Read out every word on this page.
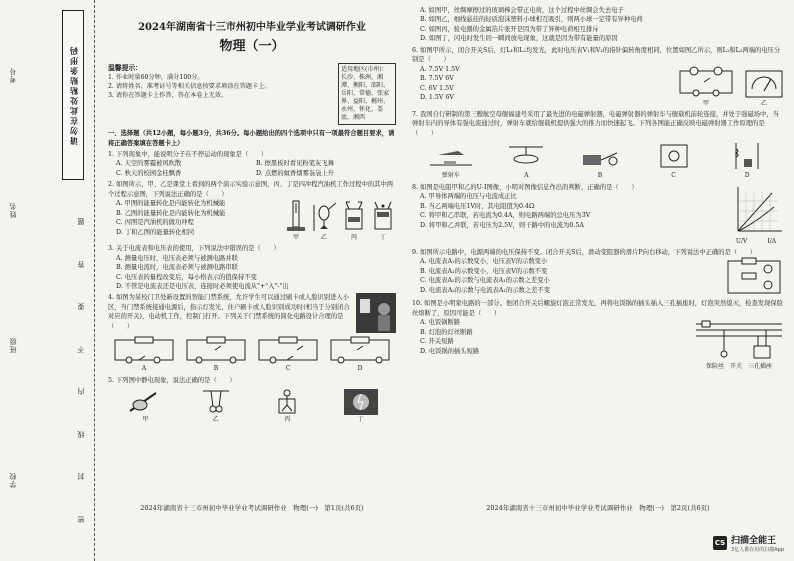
请勿在此处粘贴条形码
学校
班级
姓名
考号
密
封
线
内
不
要
答
题
2024年湖南省十三市州初中毕业学业考试调研作业
物理（一）
温馨提示：
1. 作业时量60分钟，满分100分。
2. 请将姓名、准考证号等相关信息按要求填涂在答题卡上。
3. 请你在答题卡上作答，答在本卷上无效。
适用地区(市州)：长沙、株洲、湘潭、衡阳、邵阳、岳阳、常德、张家界、益阳、郴州、永州、怀化、娄底、湘西
一、选择题（共12小题，每小题3分，共36分。每小题给出的四个选项中只有一项最符合题目要求，请将正确答案填在答题卡上）
1. 下列现象中，能说明分子在不停运动的现象是（　　）
A. 天空的雾霾被风吹散	B. 擦黑板时看见粉笔灰飞舞
C. 秋天的校园金桂飘香	D. 点燃的蚊香烟雾袅袅上升
2. 如图所示，甲、乙是课堂上看到的两个演示实验示意图，丙、丁是四冲程汽油机工作过程中的其中两个过程示意图，下列说法正确的是（　　）
A. 甲图的能量转化是内能转化为机械能
B. 乙图的能量转化是内能转化为机械能
C. 丙图是汽油机的做功冲程
D. 丁和乙图的能量转化相同
甲	乙	丙	丁
3. 关于电流表和电压表的使用，下列说法中错误的是（　　）
A. 测量电压时，电压表必须与被测电路并联
B. 测量电流时，电流表必须与被测电路串联
C. 电压表的量程改变后，每小格表示的值保持不变
D. 不管是电流表还是电压表，连接时必须使电流从"+"入"-"出
4. 如图为某校门卫处新设置的智能门禁系统，允许学生可以通过刷卡或人脸识别进入小区，当门禁系统接通电源后，指示灯发光，住户刷卡或人脸识别成功时(相当于分别闭合对应的开关)，电动机工作，控制门打开。下列关于门禁系统的简化电路设计合理的是（　　）
A	B	C	D
5. 下列图中静电现象，说法正确的是（　　）
甲	乙	丙	丁
A. 如图甲，丝绸摩擦过的玻璃棒会带正电荷，这个过程中丝绸会失去电子
B. 如图乙，细线悬挂的轻质泡沫塑料小球相互吸引，则两小球一定带有异种电荷
C. 如图丙，验电器的金属箔片张开是因为带了异种电荷相互排斥
D. 如图丁，闪电时发生的一瞬间放电现象，这就是因为带有能量的原因
6. 如图甲所示，闭合开关S后，灯L₁和L₂均发光，此时电压表V₁和V₂的指针偏转角度相同，位置如图乙所示，则L₁和L₂两端的电压分别是（　　）
A. 7.5V 1.5V
B. 7.5V 6V
C. 6V 1.5V
D. 1.5V 6V
甲	乙
7. 我国自行研制的第三艘航空母舰福建号采用了最先进的电磁弹射器，电磁弹射器的弹射车与舰载机前轮连接，并处于强磁场中，当弹射车内的导体有强电流通过时，弹射车就给舰载机提供强大的推力而快速起飞。下列各图能正确反映电磁弹射器工作原理的是（　　）
弹射车	A	B	C	D
8. 如图是电阻甲和乙的U-I图像，小明对图像信息作出的判断，正确的是（　　）
A. 甲导体两端的电压与电流成正比
B. 当乙两端电压1V时，其电阻值为0.4Ω
C. 将甲和乙串联，若电流为0.4A，则电路两端的总电压为3V
D. 将甲和乙并联，若电压为2.5V，则干路中的电流为0.5A
U/V	I/A
9. 如图所示电路中，电源两端的电压保持不变。闭合开关S后，滑动变阻器的滑片P向右移动，下列说法中正确的是（　　）
A. 电流表A₁的示数变小，电压表V的示数变小
B. 电流表A₁的示数变小，电压表V的示数不变
C. 电流表A₂的示数与电流表A₁的示数之差变小
D. 电流表A₂的示数与电流表A₁的示数之差不变
10. 如图是小明家电路的一部分。他闭合开关后螺旋灯泡正常发光，再将电饭锅的插头插入三孔插座时，灯泡突然熄灭，检查发现保险丝熔断了，原因可能是（　　）
A. 电饭锅断路
B. 灯泡的灯丝断路
C. 开关短路
D. 电饭锅的插头短路
保险丝 开关 三孔插座
2024年湖南省十三市州初中毕业学业考试调研作业　物理(一)　第1页(共6页)	2024年湖南省十三市州初中毕业学业考试调研作业　物理(一)　第2页(共6页)
CS 扫描全能王
3亿人都在用的扫描App
